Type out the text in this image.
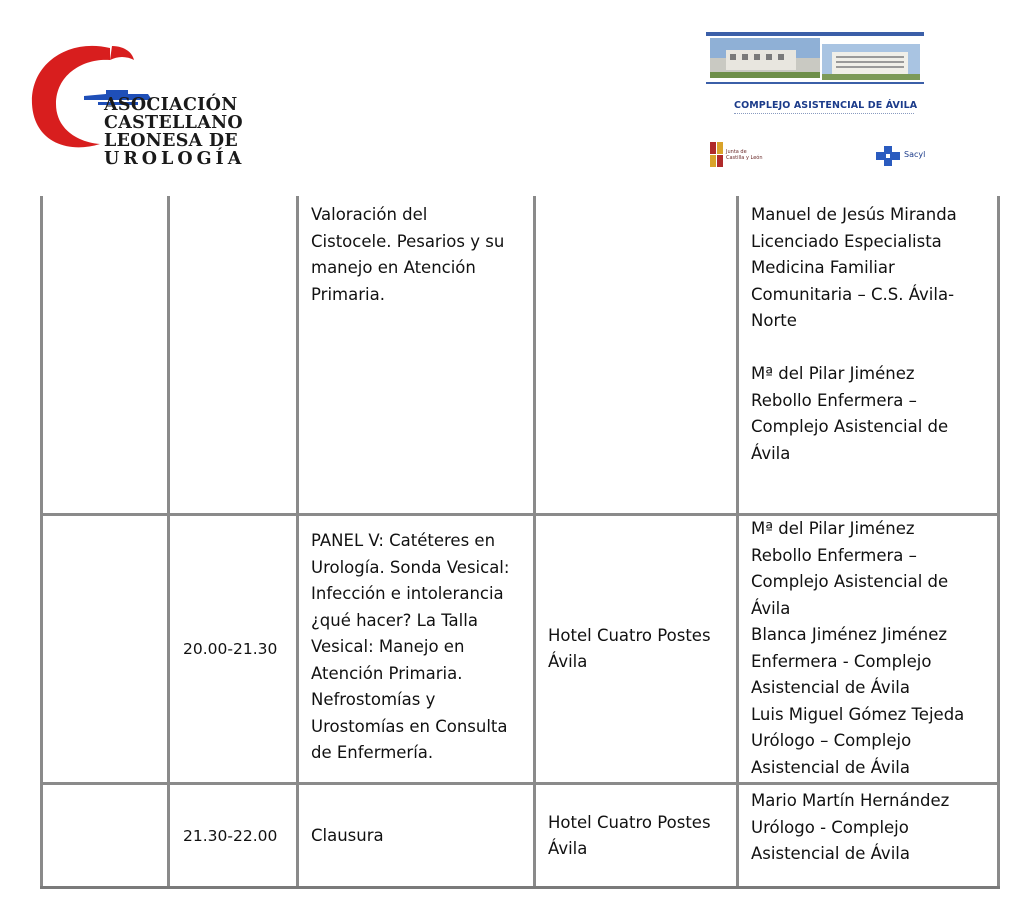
ASOCIACIÓN
CASTELLANO
LEONESA DE
UROLOGÍA
COMPLEJO ASISTENCIAL DE ÁVILA
Junta de
Castilla y León	Sacyl
Valoración del
Cistocele. Pesarios y su
manejo en Atención
Primaria.
Manuel de Jesús Miranda
Licenciado Especialista
Medicina Familiar
Comunitaria – C.S. Ávila-
Norte

Mª del Pilar Jiménez
Rebollo Enfermera –
Complejo Asistencial de
Ávila
20.00-21.30
PANEL V: Catéteres en
Urología. Sonda Vesical:
Infección e intolerancia
¿qué hacer? La Talla
Vesical: Manejo en
Atención Primaria.
Nefrostomías y
Urostomías en Consulta
de Enfermería.
Hotel Cuatro Postes
Ávila
Mª del Pilar Jiménez
Rebollo Enfermera –
Complejo Asistencial de
Ávila
Blanca Jiménez Jiménez
Enfermera - Complejo
Asistencial de Ávila
Luis Miguel Gómez Tejeda
Urólogo – Complejo
Asistencial de Ávila
21.30-22.00 Clausura
Hotel Cuatro Postes
Ávila
Mario Martín Hernández
Urólogo - Complejo
Asistencial de Ávila
